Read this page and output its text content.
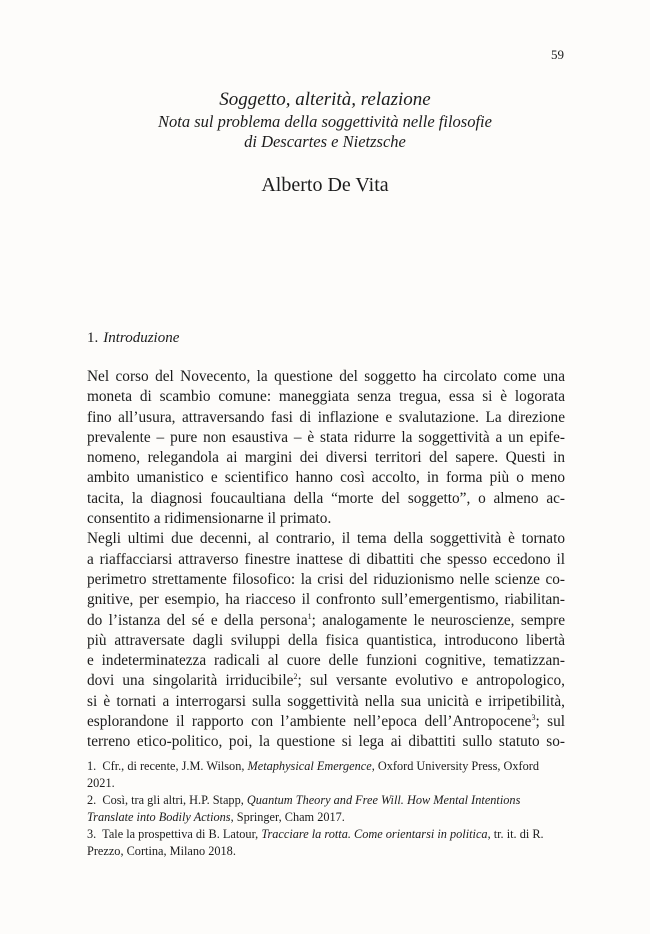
59
Soggetto, alterità, relazione
Nota sul problema della soggettività nelle filosofie
di Descartes e Nietzsche
Alberto De Vita
1. Introduzione
Nel corso del Novecento, la questione del soggetto ha circolato come una
moneta di scambio comune: maneggiata senza tregua, essa si è logorata
fino all’usura, attraversando fasi di inflazione e svalutazione. La direzione
prevalente – pure non esaustiva – è stata ridurre la soggettività a un epife-
nomeno, relegandola ai margini dei diversi territori del sapere. Questi in
ambito umanistico e scientifico hanno così accolto, in forma più o meno
tacita, la diagnosi foucaultiana della “morte del soggetto”, o almeno ac-
consentito a ridimensionarne il primato.
Negli ultimi due decenni, al contrario, il tema della soggettività è tornato
a riaffacciarsi attraverso finestre inattese di dibattiti che spesso eccedono il
perimetro strettamente filosofico: la crisi del riduzionismo nelle scienze co-
gnitive, per esempio, ha riacceso il confronto sull’emergentismo, riabilitan-
do l’istanza del sé e della persona$^1$; analogamente le neuroscienze, sempre
più attraversate dagli sviluppi della fisica quantistica, introducono libertà
e indeterminatezza radicali al cuore delle funzioni cognitive, tematizzan-
dovi una singolarità irriducibile$^2$; sul versante evolutivo e antropologico,
si è tornati a interrogarsi sulla soggettività nella sua unicità e irripetibilità,
esplorandone il rapporto con l’ambiente nell’epoca dell’Antropocene$^3$; sul
terreno etico-politico, poi, la questione si lega ai dibattiti sullo statuto so-

1. Cfr., di recente, J.M. Wilson, Metaphysical Emergence, Oxford University Press, Oxford 2021.

2. Così, tra gli altri, H.P. Stapp, Quantum Theory and Free Will. How Mental Intentions Translate into Bodily Actions, Springer, Cham 2017.

3. Tale la prospettiva di B. Latour, Tracciare la rotta. Come orientarsi in politica, tr. it. di R. Prezzo, Cortina, Milano 2018.
